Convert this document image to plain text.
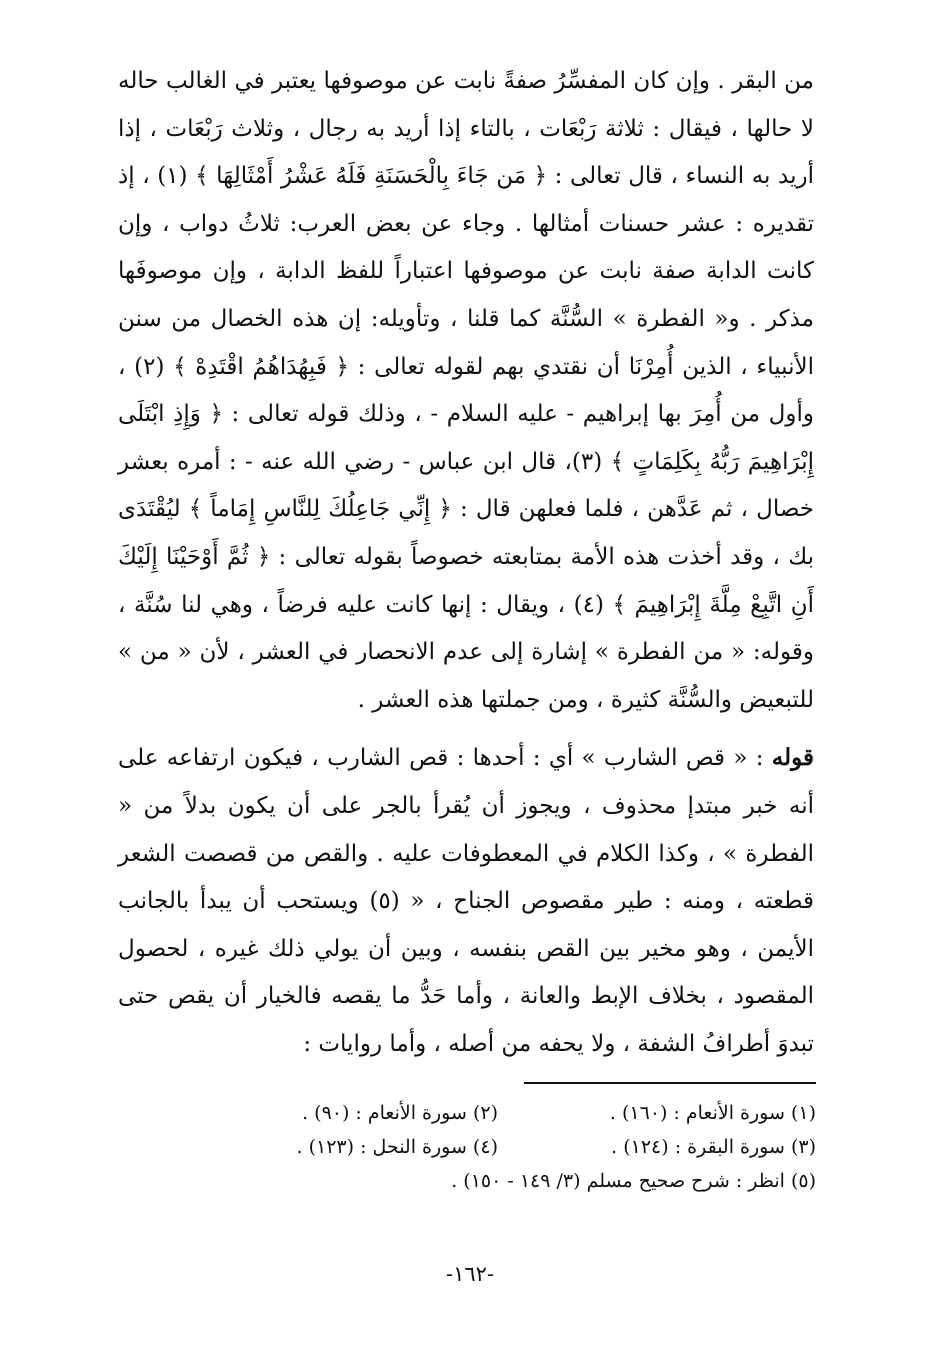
من البقر . وإن كان المفسِّرُ صفةً نابت عن موصوفها يعتبر في الغالب حاله لا حالها ، فيقال : ثلاثة رَبْعَات ، بالتاء إذا أريد به رجال ، وثلاث رَبْعَات ، إذا أريد به النساء ، قال تعالى : ﴿ مَن جَاءَ بِالْحَسَنَةِ فَلَهُ عَشْرُ أَمْثَالِهَا ﴾ (١) ، إذ تقديره : عشر حسنات أمثالها . وجاء عن بعض العرب: ثلاثُ دواب ، وإن كانت الدابة صفة نابت عن موصوفها اعتباراً للفظ الدابة ، وإن موصوفَها مذكر . و« الفطرة » السُّنَّة كما قلنا ، وتأويله: إن هذه الخصال من سنن الأنبياء ، الذين أُمِرْنَا أن نقتدي بهم لقوله تعالى : ﴿ فَبِهُدَاهُمُ اقْتَدِهْ ﴾ (٢) ، وأول من أُمِرَ بها إبراهيم - عليه السلام - ، وذلك قوله تعالى : ﴿ وَإِذِ ابْتَلَى إِبْرَاهِيمَ رَبُّهُ بِكَلِمَاتٍ ﴾ (٣)، قال ابن عباس - رضي الله عنه - : أمره بعشر خصال ، ثم عَدَّهن ، فلما فعلهن قال : ﴿ إِنِّي جَاعِلُكَ لِلنَّاسِ إِمَاماً ﴾ ليُقْتَدَى بك ، وقد أخذت هذه الأمة بمتابعته خصوصاً بقوله تعالى : ﴿ ثُمَّ أَوْحَيْنَا إِلَيْكَ أَنِ اتَّبِعْ مِلَّةَ إِبْرَاهِيمَ ﴾ (٤) ، ويقال : إنها كانت عليه فرضاً ، وهي لنا سُنَّة ، وقوله: « من الفطرة » إشارة إلى عدم الانحصار في العشر ، لأن « من » للتبعيض والسُّنَّة كثيرة ، ومن جملتها هذه العشر .

قوله : « قص الشارب » أي : أحدها : قص الشارب ، فيكون ارتفاعه على أنه خبر مبتدإ محذوف ، ويجوز أن يُقرأ بالجر على أن يكون بدلاً من « الفطرة » ، وكذا الكلام في المعطوفات عليه . والقص من قصصت الشعر قطعته ، ومنه : طير مقصوص الجناح ، « (٥) ويستحب أن يبدأ بالجانب الأيمن ، وهو مخير بين القص بنفسه ، وبين أن يولي ذلك غيره ، لحصول المقصود ، بخلاف الإبط والعانة ، وأما حَدُّ ما يقصه فالخيار أن يقص حتى تبدوَ أطرافُ الشفة ، ولا يحفه من أصله ، وأما روايات :

(١) سورة الأنعام : (١٦٠) .
(٢) سورة الأنعام : (٩٠) .
(٣) سورة البقرة : (١٢٤) .
(٤) سورة النحل : (١٢٣) .
(٥) انظر : شرح صحيح مسلم (٣/ ١٤٩ - ١٥٠) .
-١٦٢-
